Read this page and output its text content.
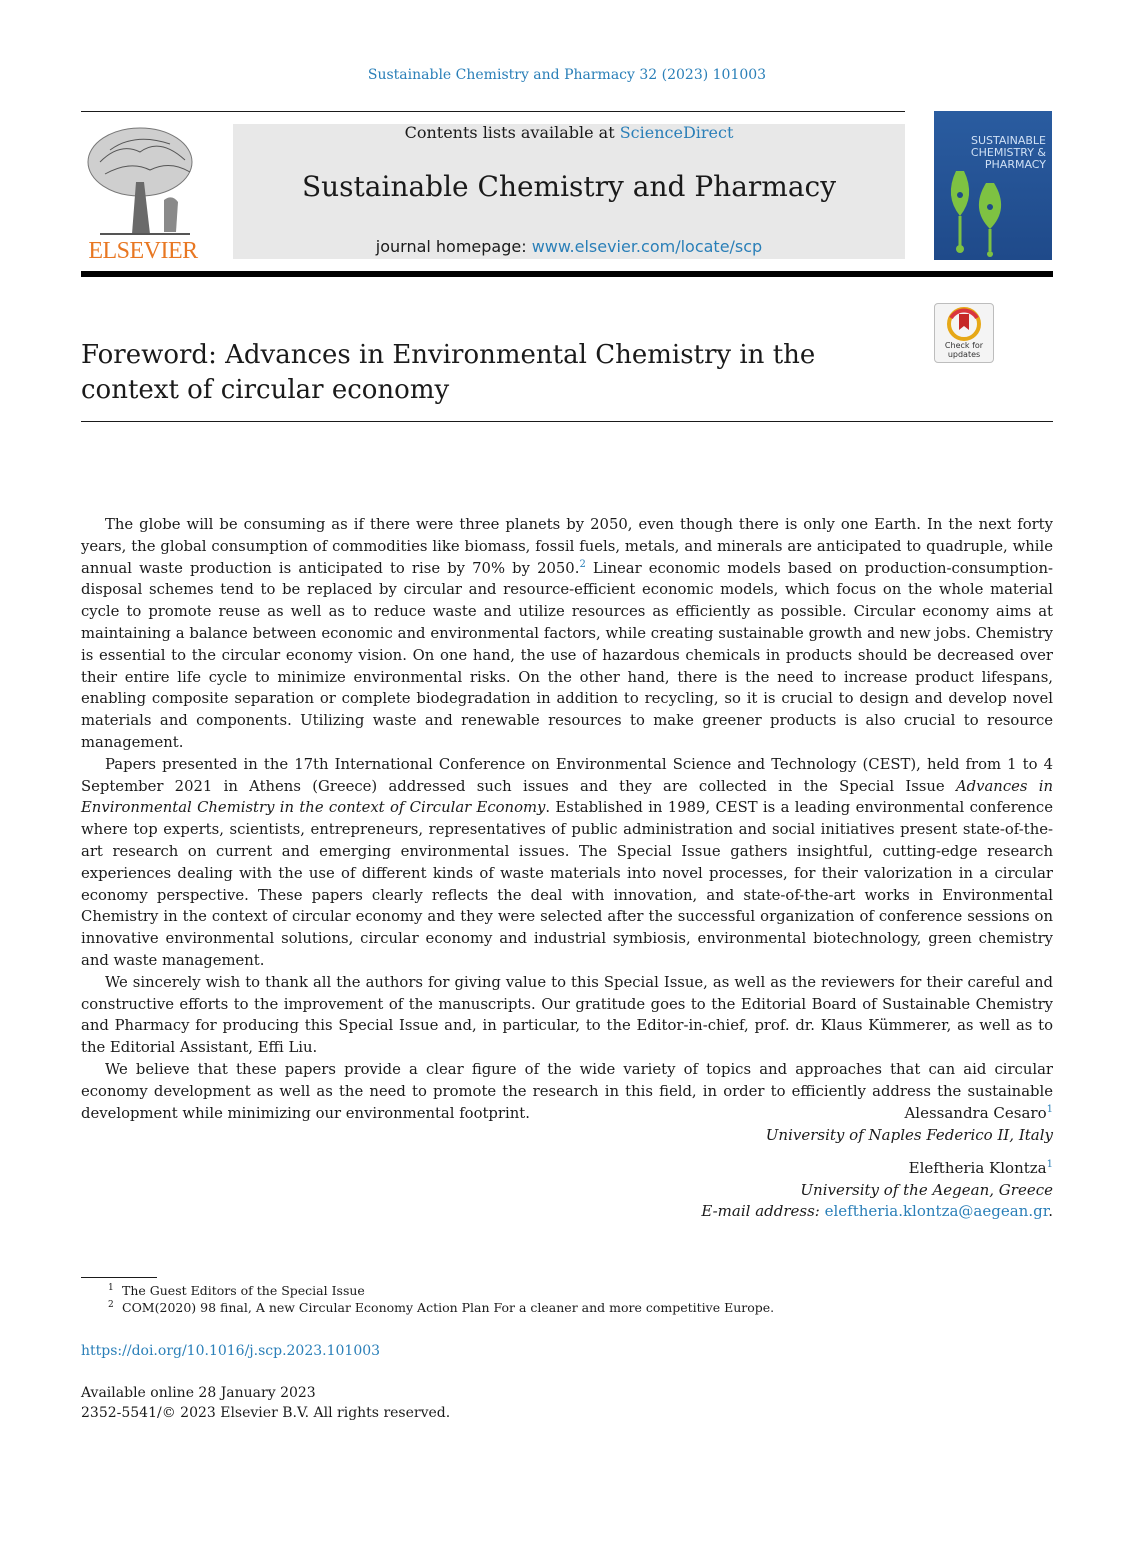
Sustainable Chemistry and Pharmacy 32 (2023) 101003
ELSEVIER
Contents lists available at ScienceDirect
Sustainable Chemistry and Pharmacy
journal homepage: www.elsevier.com/locate/scp
SUSTAINABLE
CHEMISTRY &
PHARMACY
Check for
updates
Foreword: Advances in Environmental Chemistry in the context of circular economy

The globe will be consuming as if there were three planets by 2050, even though there is only one Earth. In the next forty years, the global consumption of commodities like biomass, fossil fuels, metals, and minerals are anticipated to quadruple, while annual waste production is anticipated to rise by 70% by 2050.$^2$ Linear economic models based on production-consumption-disposal schemes tend to be replaced by circular and resource-efficient economic models, which focus on the whole material cycle to promote reuse as well as to reduce waste and utilize resources as efficiently as possible. Circular economy aims at maintaining a balance between economic and environmental factors, while creating sustainable growth and new jobs. Chemistry is essential to the circular economy vision. On one hand, the use of hazardous chemicals in products should be decreased over their entire life cycle to minimize environmental risks. On the other hand, there is the need to increase product lifespans, enabling composite separation or complete biodegradation in addition to recycling, so it is crucial to design and develop novel materials and components. Utilizing waste and renewable resources to make greener products is also crucial to resource management.

Papers presented in the 17th International Conference on Environmental Science and Technology (CEST), held from 1 to 4 September 2021 in Athens (Greece) addressed such issues and they are collected in the Special Issue Advances in Environmental Chemistry in the context of Circular Economy. Established in 1989, CEST is a leading environmental conference where top experts, scientists, entrepreneurs, representatives of public administration and social initiatives present state-of-the-art research on current and emerging environmental issues. The Special Issue gathers insightful, cutting-edge research experiences dealing with the use of different kinds of waste materials into novel processes, for their valorization in a circular economy perspective. These papers clearly reflects the deal with innovation, and state-of-the-art works in Environmental Chemistry in the context of circular economy and they were selected after the successful organization of conference sessions on innovative environmental solutions, circular economy and industrial symbiosis, environmental biotechnology, green chemistry and waste management.

We sincerely wish to thank all the authors for giving value to this Special Issue, as well as the reviewers for their careful and constructive efforts to the improvement of the manuscripts. Our gratitude goes to the Editorial Board of Sustainable Chemistry and Pharmacy for producing this Special Issue and, in particular, to the Editor-in-chief, prof. dr. Klaus Kümmerer, as well as to the Editorial Assistant, Effi Liu.

We believe that these papers provide a clear figure of the wide variety of topics and approaches that can aid circular economy development as well as the need to promote the research in this field, in order to efficiently address the sustainable development while minimizing our environmental footprint.	Alessandra Cesaro$^1$
University of Naples Federico II, Italy
Eleftheria Klontza$^1$
University of the Aegean, Greece
E-mail address: eleftheria.klontza@aegean.gr.
1 The Guest Editors of the Special Issue
2 COM(2020) 98 final, A new Circular Economy Action Plan For a cleaner and more competitive Europe.
https://doi.org/10.1016/j.scp.2023.101003
Available online 28 January 2023
2352-5541/© 2023 Elsevier B.V. All rights reserved.
